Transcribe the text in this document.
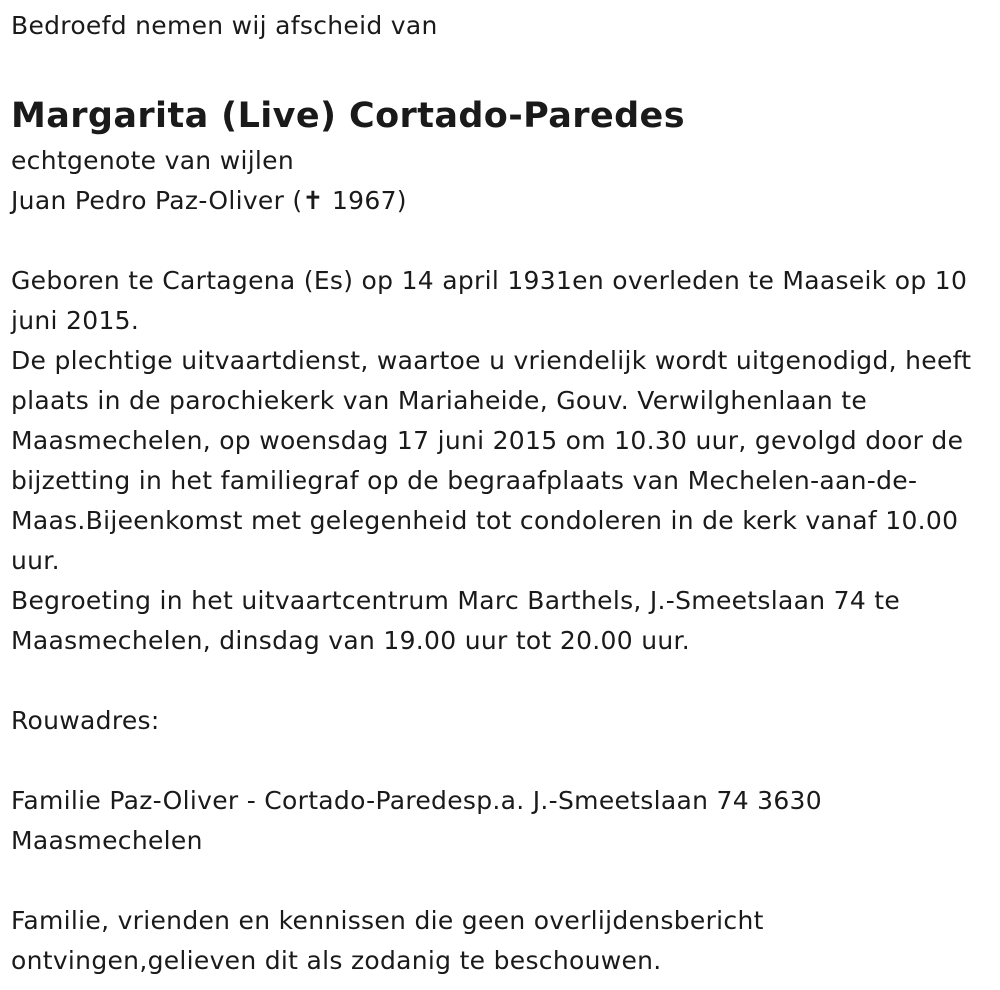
Bedroefd nemen wij afscheid van

Margarita (Live) Cortado-Paredes

echtgenote van wijlen

Juan Pedro Paz-Oliver (✝ 1967)

Geboren te Cartagena (Es) op 14 april 1931en overleden te Maaseik op 10 juni 2015.

De plechtige uitvaartdienst, waartoe u vriendelijk wordt uitgenodigd, heeft plaats in de parochiekerk van Mariaheide, Gouv. Verwilghenlaan te Maasmechelen, op woensdag 17 juni 2015 om 10.30 uur, gevolgd door de bijzetting in het familiegraf op de begraafplaats van Mechelen-aan-de-Maas.Bijeenkomst met gelegenheid tot condoleren in de kerk vanaf 10.00 uur.

Begroeting in het uitvaartcentrum Marc Barthels, J.-Smeetslaan 74 te Maasmechelen, dinsdag van 19.00 uur tot 20.00 uur.

Rouwadres:

Familie Paz-Oliver - Cortado-Paredesp.a. J.-Smeetslaan 74 3630 Maasmechelen

Familie, vrienden en kennissen die geen overlijdensbericht ontvingen,gelieven dit als zodanig te beschouwen.
